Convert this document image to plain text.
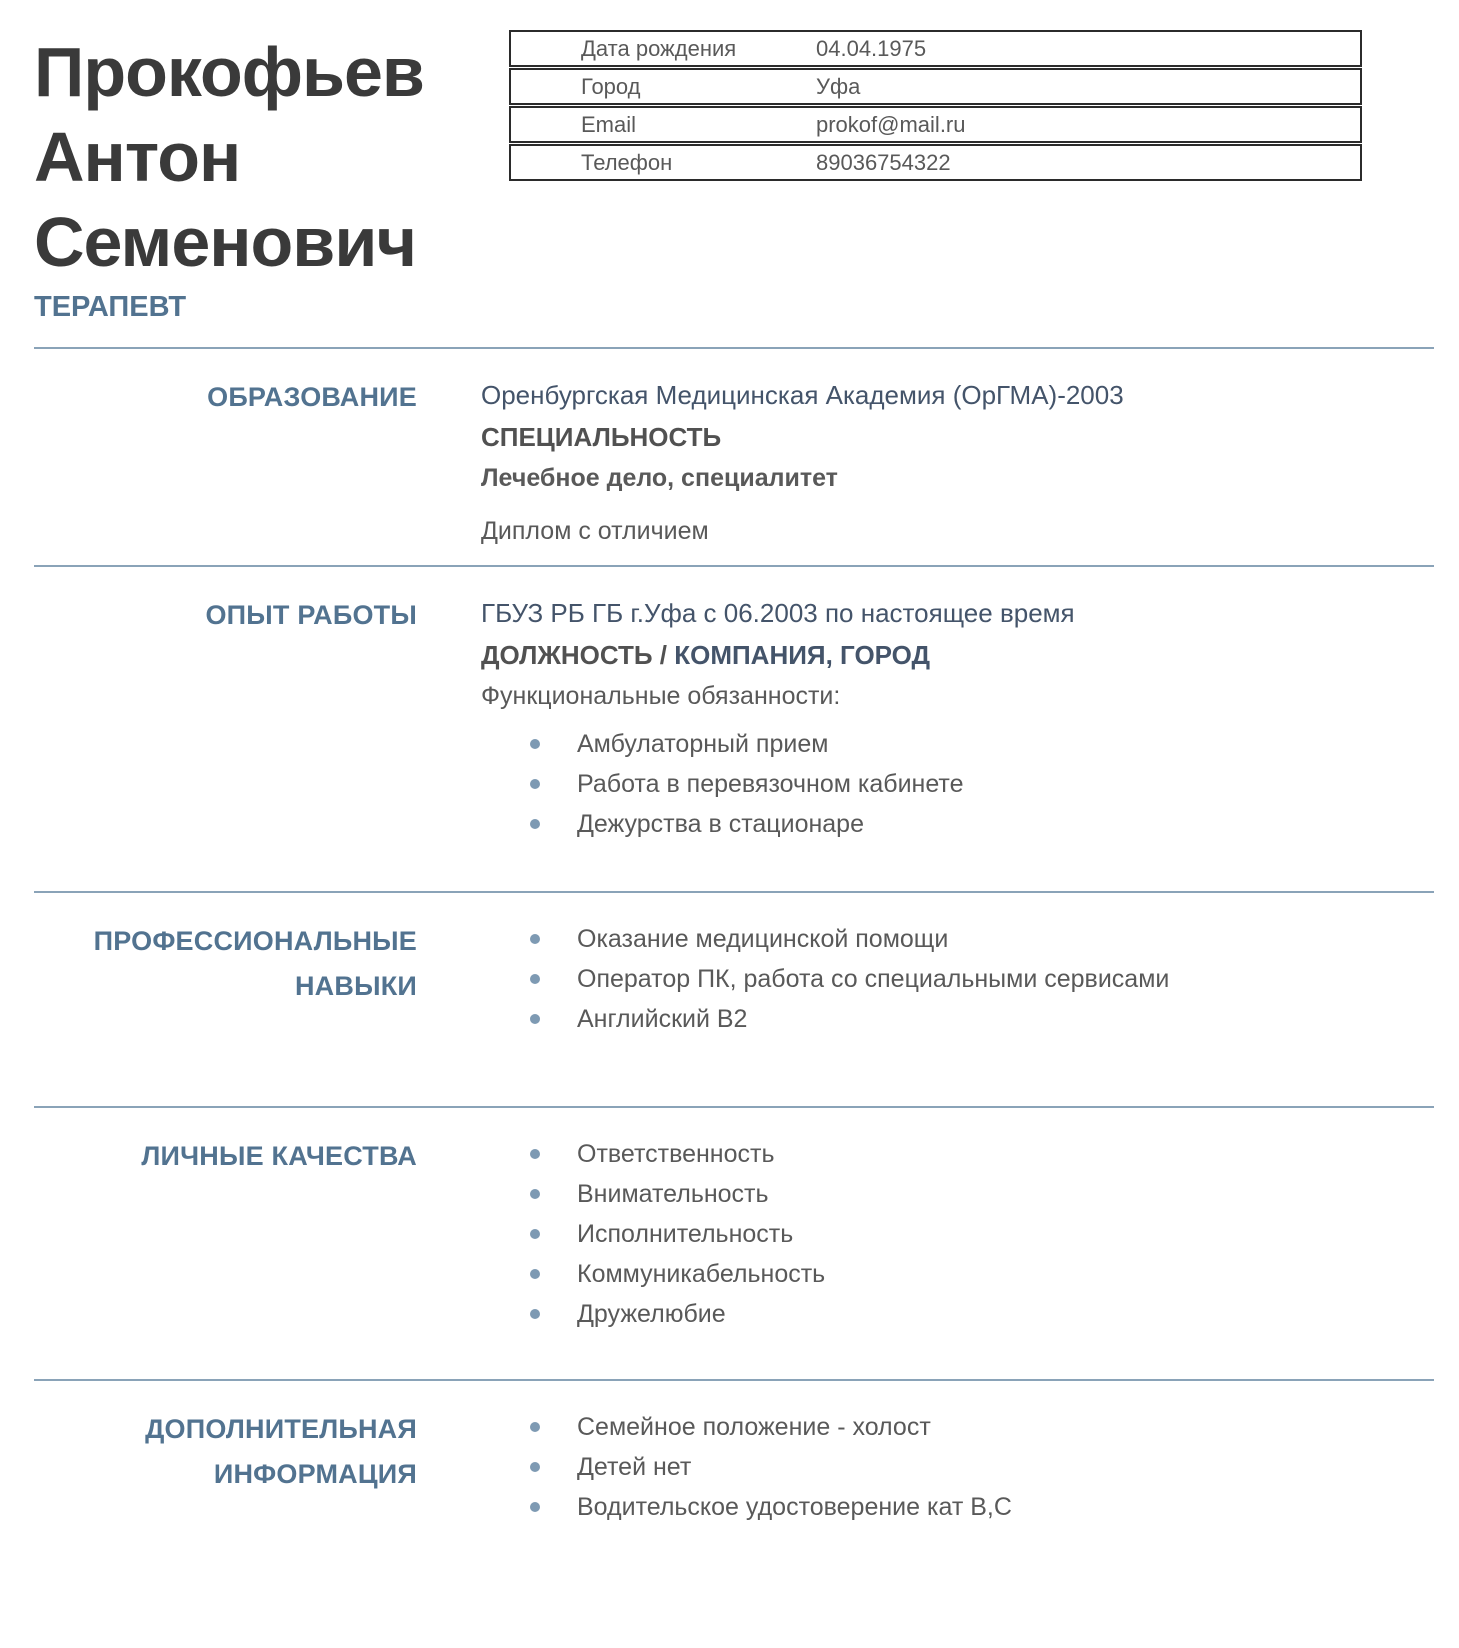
Прокофьев Антон Семенович
ТЕРАПЕВТ
Дата рождения	04.04.1975
Город	Уфа
Email	prokof@mail.ru
Телефон	89036754322
ОБРАЗОВАНИЕ Оренбургская Медицинская Академия (ОрГМА)-2003
СПЕЦИАЛЬНОСТЬ
Лечебное дело, специалитет
Диплом с отличием
ОПЫТ РАБОТЫ ГБУЗ РБ ГБ г.Уфа с 06.2003 по настоящее время
ДОЛЖНОСТЬ / КОМПАНИЯ, ГОРОД
Функциональные обязанности:
Амбулаторный прием
Работа в перевязочном кабинете
Дежурства в стационаре
ПРОФЕССИОНАЛЬНЫЕ НАВЫКИ
Оказание медицинской помощи
Оператор ПК, работа со специальными сервисами
Английский В2
ЛИЧНЫЕ КАЧЕСТВА	Ответственность
Внимательность
Исполнительность
Коммуникабельность
Дружелюбие
ДОПОЛНИТЕЛЬНАЯ ИНФОРМАЦИЯ
Семейное положение - холост
Детей нет
Водительское удостоверение кат В,С
